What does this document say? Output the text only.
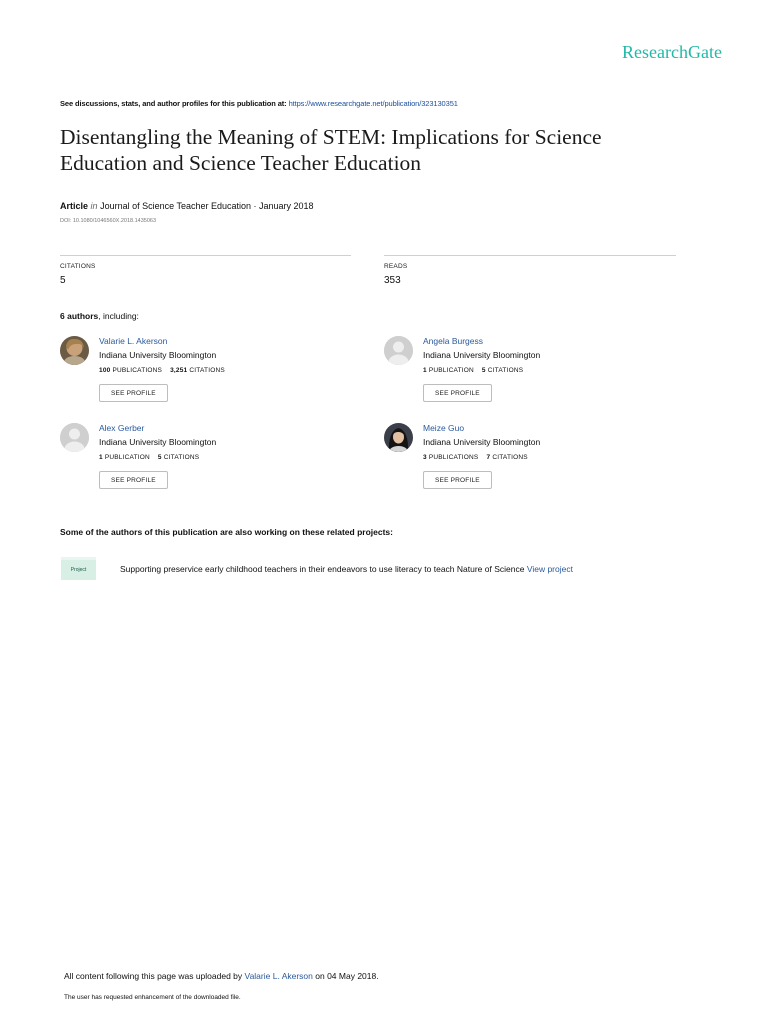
ResearchGate
See discussions, stats, and author profiles for this publication at: https://www.researchgate.net/publication/323130351
Disentangling the Meaning of STEM: Implications for Science
Education and Science Teacher Education
Article in Journal of Science Teacher Education · January 2018
DOI: 10.1080/1046560X.2018.1435063
CITATIONS
5
READS
353
6 authors, including:
Valarie L. Akerson
Indiana University Bloomington
100 PUBLICATIONS 3,251 CITATIONS
SEE PROFILE
Angela Burgess
Indiana University Bloomington
1 PUBLICATION 5 CITATIONS
SEE PROFILE
Alex Gerber
Indiana University Bloomington
1 PUBLICATION 5 CITATIONS
SEE PROFILE
Meize Guo
Indiana University Bloomington
3 PUBLICATIONS 7 CITATIONS
SEE PROFILE
Some of the authors of this publication are also working on these related projects:
Project	Supporting preservice early childhood teachers in their endeavors to use literacy to teach Nature of Science View project
All content following this page was uploaded by Valarie L. Akerson on 04 May 2018.
The user has requested enhancement of the downloaded file.
